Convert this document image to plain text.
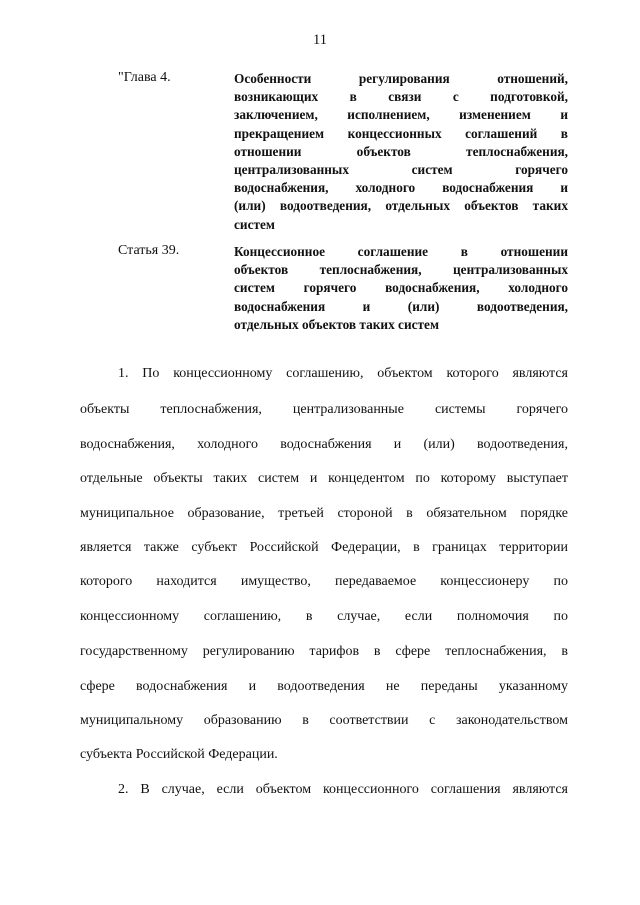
11
"Глава 4.	Особенности регулирования отношений,
возникающих в связи с подготовкой,
заключением, исполнением, изменением и
прекращением концессионных соглашений в
отношении объектов теплоснабжения,
централизованных систем горячего
водоснабжения, холодного водоснабжения и
(или) водоотведения, отдельных объектов таких
систем
Статья 39.	Концессионное соглашение в отношении
объектов теплоснабжения, централизованных
систем горячего водоснабжения, холодного
водоснабжения и (или) водоотведения,
отдельных объектов таких систем
1. По концессионному соглашению, объектом которого являются
объекты теплоснабжения, централизованные системы горячего
водоснабжения, холодного водоснабжения и (или) водоотведения,
отдельные объекты таких систем и концедентом по которому выступает
муниципальное образование, третьей стороной в обязательном порядке
является также субъект Российской Федерации, в границах территории
которого находится имущество, передаваемое концессионеру по
концессионному соглашению, в случае, если полномочия по
государственному регулированию тарифов в сфере теплоснабжения, в
сфере водоснабжения и водоотведения не переданы указанному
муниципальному образованию в соответствии с законодательством
субъекта Российской Федерации.
2. В случае, если объектом концессионного соглашения являются
